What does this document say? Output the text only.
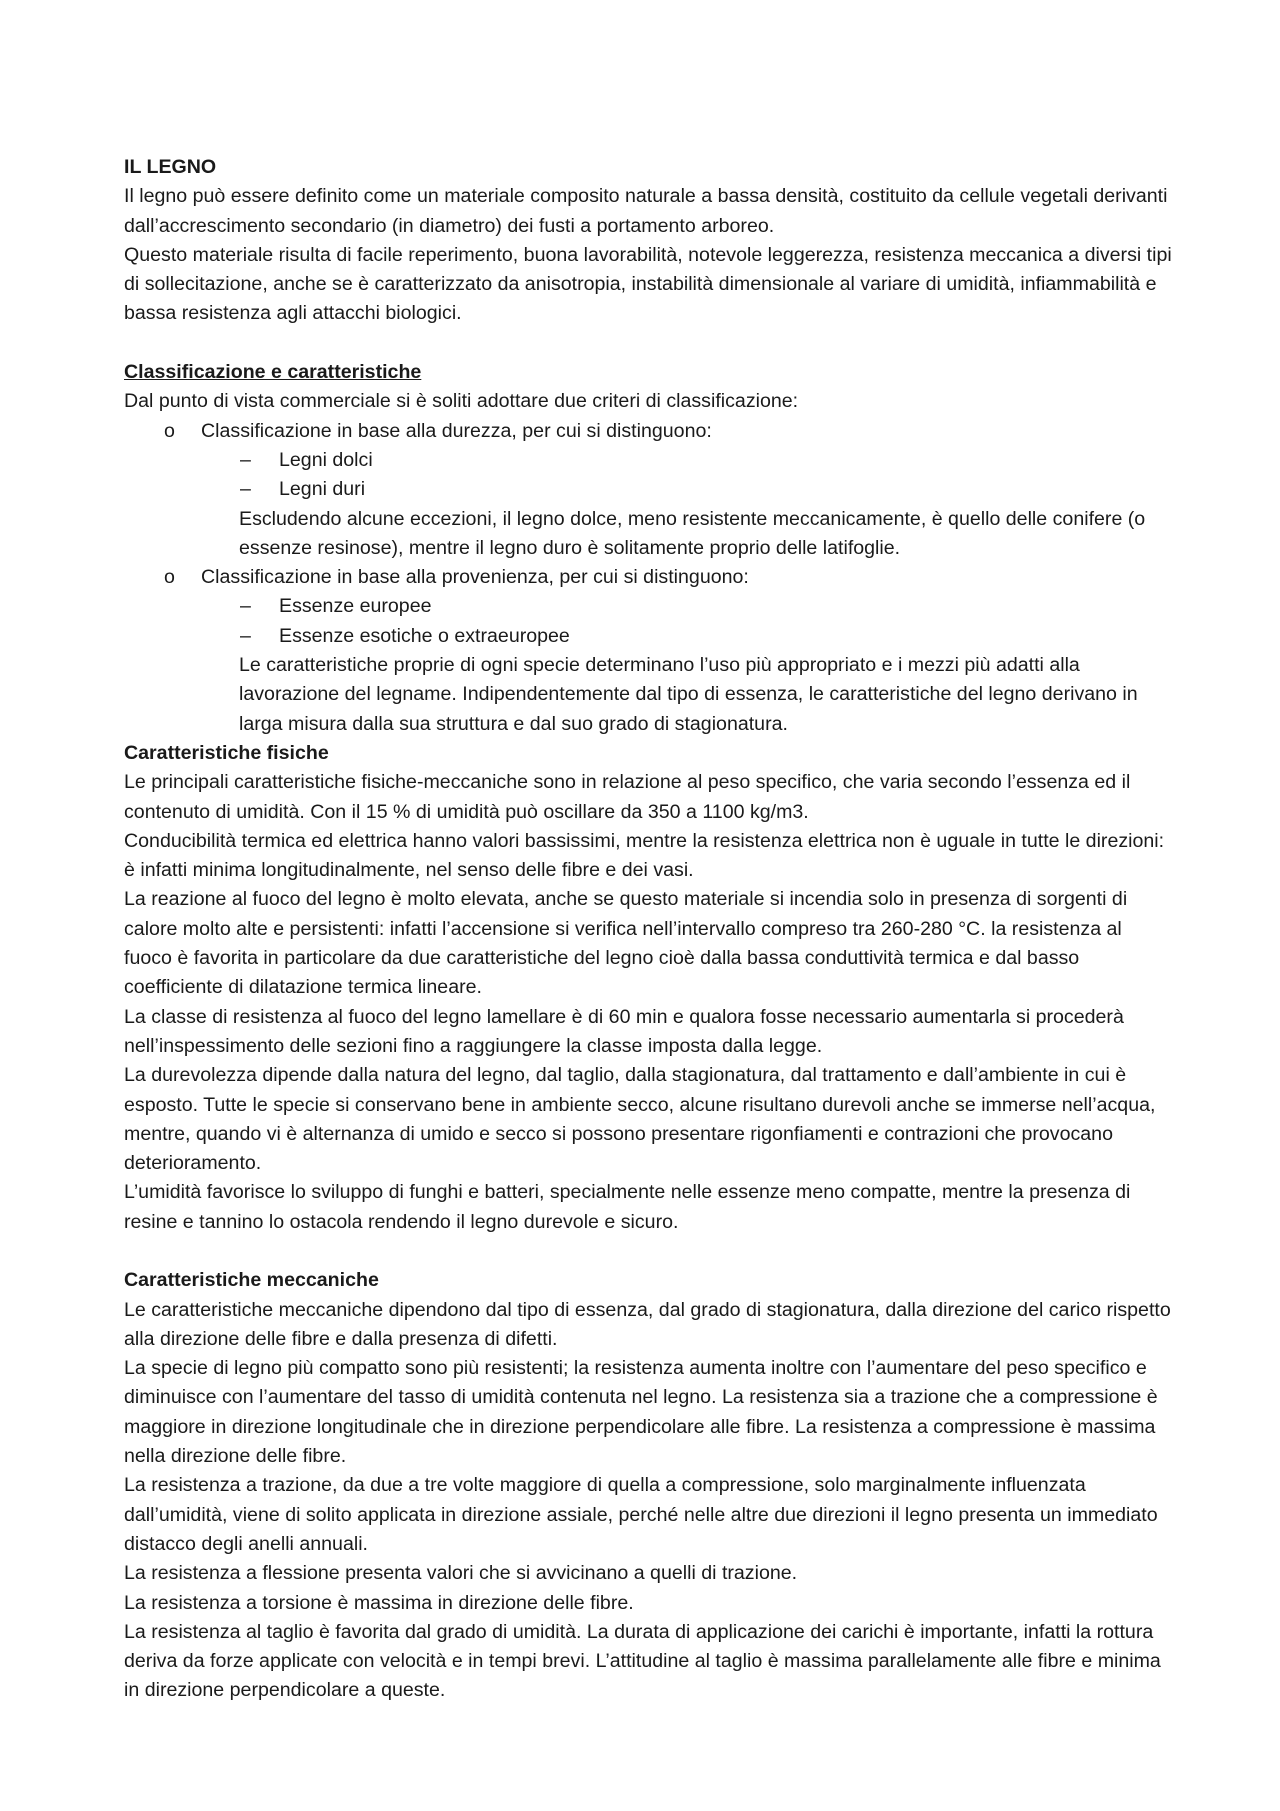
IL LEGNO

Il legno può essere definito come un materiale composito naturale a bassa densità, costituito da cellule vegetali derivanti dall’accrescimento secondario (in diametro) dei fusti a portamento arboreo.

Questo materiale risulta di facile reperimento, buona lavorabilità, notevole leggerezza, resistenza meccanica a diversi tipi di sollecitazione, anche se è caratterizzato da anisotropia, instabilità dimensionale al variare di umidità, infiammabilità e bassa resistenza agli attacchi biologici.

Classificazione e caratteristiche

Dal punto di vista commerciale si è soliti adottare due criteri di classificazione:

o Classificazione in base alla durezza, per cui si distinguono:
– Legni dolci
– Legni duri

Escludendo alcune eccezioni, il legno dolce, meno resistente meccanicamente, è quello delle conifere (o essenze resinose), mentre il legno duro è solitamente proprio delle latifoglie.

o Classificazione in base alla provenienza, per cui si distinguono:
– Essenze europee
– Essenze esotiche o extraeuropee

Le caratteristiche proprie di ogni specie determinano l’uso più appropriato e i mezzi più adatti alla lavorazione del legname. Indipendentemente dal tipo di essenza, le caratteristiche del legno derivano in larga misura dalla sua struttura e dal suo grado di stagionatura.

Caratteristiche fisiche

Le principali caratteristiche fisiche-meccaniche sono in relazione al peso specifico, che varia secondo l’essenza ed il contenuto di umidità. Con il 15 % di umidità può oscillare da 350 a 1100 kg/m3.

Conducibilità termica ed elettrica hanno valori bassissimi, mentre la resistenza elettrica non è uguale in tutte le direzioni: è infatti minima longitudinalmente, nel senso delle fibre e dei vasi.

La reazione al fuoco del legno è molto elevata, anche se questo materiale si incendia solo in presenza di sorgenti di calore molto alte e persistenti: infatti l’accensione si verifica nell’intervallo compreso tra 260-280 °C. la resistenza al fuoco è favorita in particolare da due caratteristiche del legno cioè dalla bassa conduttività termica e dal basso coefficiente di dilatazione termica lineare.

La classe di resistenza al fuoco del legno lamellare è di 60 min e qualora fosse necessario aumentarla si procederà nell’inspessimento delle sezioni fino a raggiungere la classe imposta dalla legge.

La durevolezza dipende dalla natura del legno, dal taglio, dalla stagionatura, dal trattamento e dall’ambiente in cui è esposto. Tutte le specie si conservano bene in ambiente secco, alcune risultano durevoli anche se immerse nell’acqua, mentre, quando vi è alternanza di umido e secco si possono presentare rigonfiamenti e contrazioni che provocano deterioramento.

L’umidità favorisce lo sviluppo di funghi e batteri, specialmente nelle essenze meno compatte, mentre la presenza di resine e tannino lo ostacola rendendo il legno durevole e sicuro.

Caratteristiche meccaniche

Le caratteristiche meccaniche dipendono dal tipo di essenza, dal grado di stagionatura, dalla direzione del carico rispetto alla direzione delle fibre e dalla presenza di difetti.

La specie di legno più compatto sono più resistenti; la resistenza aumenta inoltre con l’aumentare del peso specifico e diminuisce con l’aumentare del tasso di umidità contenuta nel legno. La resistenza sia a trazione che a compressione è maggiore in direzione longitudinale che in direzione perpendicolare alle fibre. La resistenza a compressione è massima nella direzione delle fibre.

La resistenza a trazione, da due a tre volte maggiore di quella a compressione, solo marginalmente influenzata dall’umidità, viene di solito applicata in direzione assiale, perché nelle altre due direzioni il legno presenta un immediato distacco degli anelli annuali.

La resistenza a flessione presenta valori che si avvicinano a quelli di trazione.

La resistenza a torsione è massima in direzione delle fibre.

La resistenza al taglio è favorita dal grado di umidità. La durata di applicazione dei carichi è importante, infatti la rottura deriva da forze applicate con velocità e in tempi brevi. L’attitudine al taglio è massima parallelamente alle fibre e minima in direzione perpendicolare a queste.
